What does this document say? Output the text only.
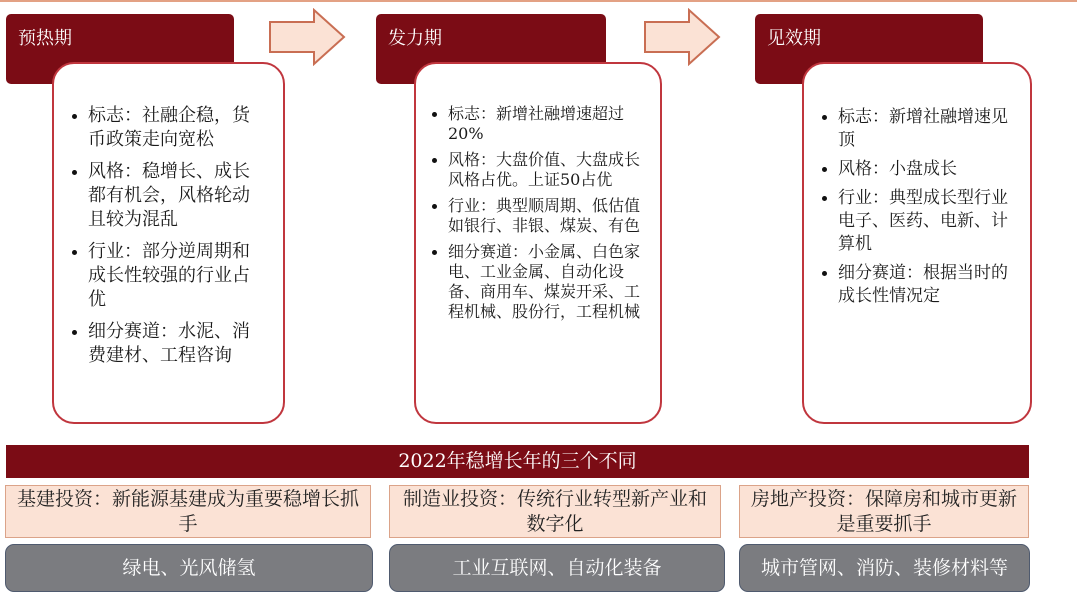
预热期
标志：社融企稳，货币政策走向宽松
风格：稳增长、成长都有机会，风格轮动且较为混乱
行业：部分逆周期和成长性较强的行业占优
细分赛道：水泥、消费建材、工程咨询
发力期
标志：新增社融增速超过20%
风格：大盘价值、大盘成长风格占优。上证50占优
行业：典型顺周期、低估值如银行、非银、煤炭、有色
细分赛道：小金属、白色家电、工业金属、自动化设备、商用车、煤炭开采、工程机械、股份行，工程机械
见效期
标志：新增社融增速见顶
风格：小盘成长
行业：典型成长型行业电子、医药、电新、计算机
细分赛道：根据当时的成长性情况定
2022年稳增长年的三个不同
基建投资：新能源基建成为重要稳增长抓手
制造业投资：传统行业转型新产业和数字化
房地产投资：保障房和城市更新是重要抓手
绿电、光风储氢	工业互联网、自动化装备	城市管网、消防、装修材料等
